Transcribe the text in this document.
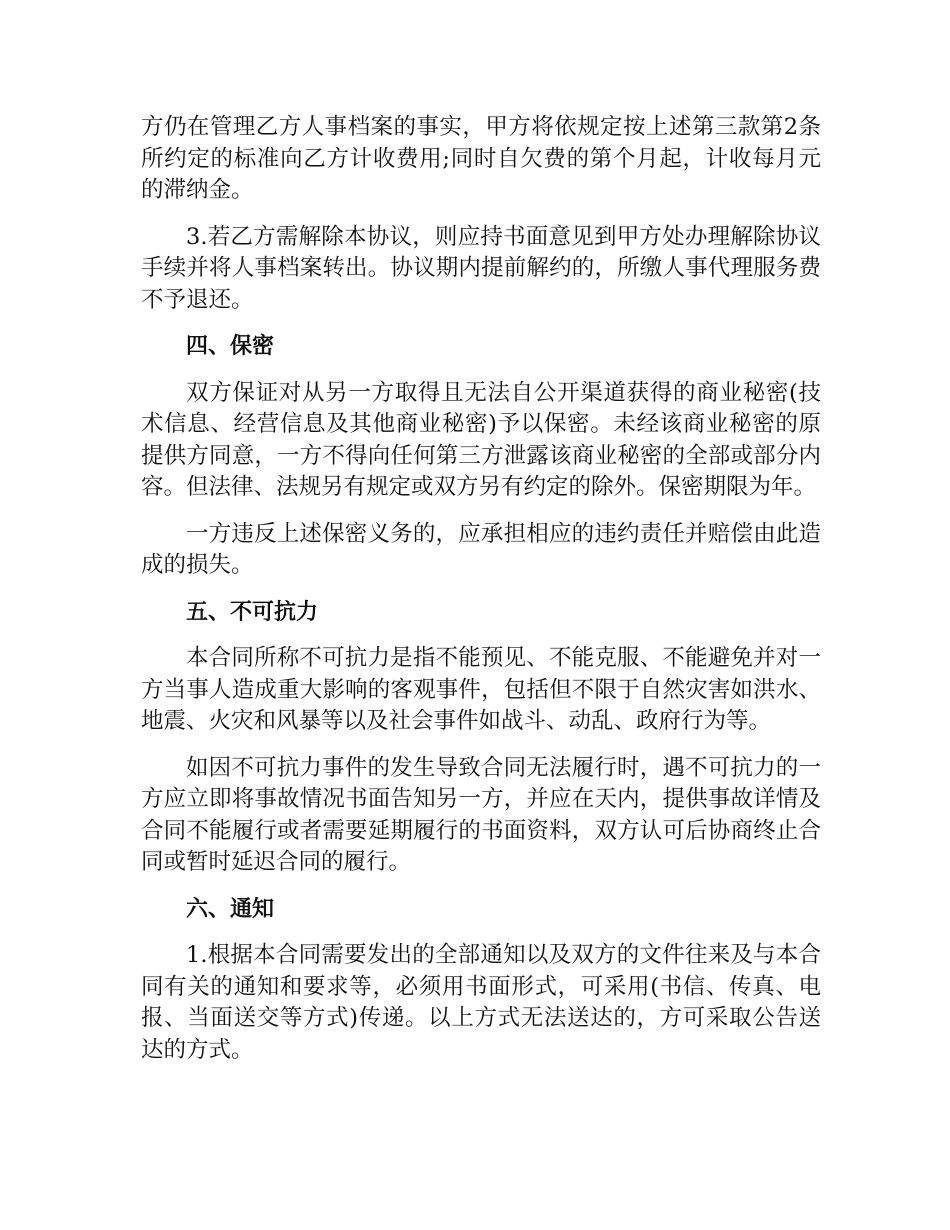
方仍在管理乙方人事档案的事实，甲方将依规定按上述第三款第2条所约定的标准向乙方计收费用;同时自欠费的第个月起，计收每月元的滞纳金。

3.若乙方需解除本协议，则应持书面意见到甲方处办理解除协议手续并将人事档案转出。协议期内提前解约的，所缴人事代理服务费不予退还。

四、保密

双方保证对从另一方取得且无法自公开渠道获得的商业秘密(技术信息、经营信息及其他商业秘密)予以保密。未经该商业秘密的原提供方同意，一方不得向任何第三方泄露该商业秘密的全部或部分内容。但法律、法规另有规定或双方另有约定的除外。保密期限为年。

一方违反上述保密义务的，应承担相应的违约责任并赔偿由此造成的损失。

五、不可抗力

本合同所称不可抗力是指不能预见、不能克服、不能避免并对一方当事人造成重大影响的客观事件，包括但不限于自然灾害如洪水、地震、火灾和风暴等以及社会事件如战斗、动乱、政府行为等。

如因不可抗力事件的发生导致合同无法履行时，遇不可抗力的一方应立即将事故情况书面告知另一方，并应在天内，提供事故详情及合同不能履行或者需要延期履行的书面资料，双方认可后协商终止合同或暂时延迟合同的履行。

六、通知

1.根据本合同需要发出的全部通知以及双方的文件往来及与本合同有关的通知和要求等，必须用书面形式，可采用(书信、传真、电报、当面送交等方式)传递。以上方式无法送达的，方可采取公告送达的方式。
